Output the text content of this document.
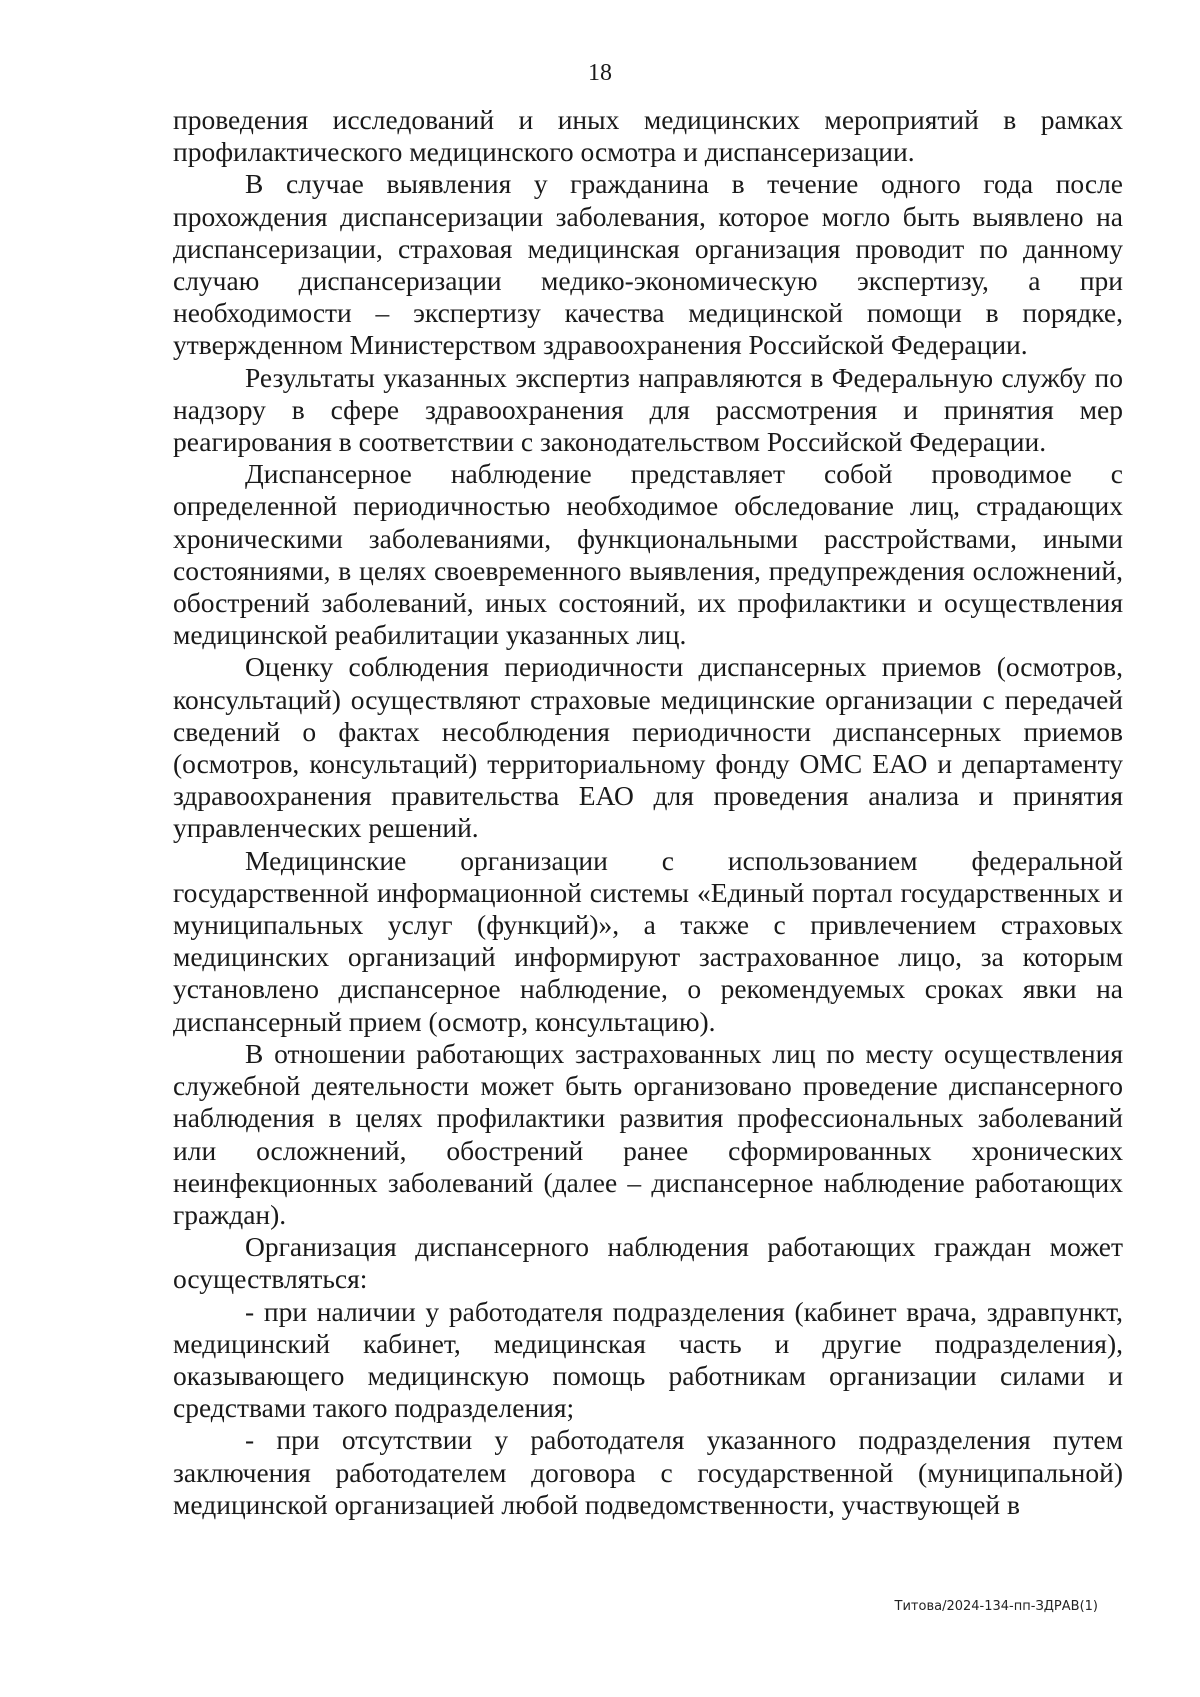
18

проведения исследований и иных медицинских мероприятий в рамках профилактического медицинского осмотра и диспансеризации.

В случае выявления у гражданина в течение одного года после прохождения диспансеризации заболевания, которое могло быть выявлено на диспансеризации, страховая медицинская организация проводит по данному случаю диспансеризации медико-экономическую экспертизу, а при необходимости – экспертизу качества медицинской помощи в порядке, утвержденном Министерством здравоохранения Российской Федерации.

Результаты указанных экспертиз направляются в Федеральную службу по надзору в сфере здравоохранения для рассмотрения и принятия мер реагирования в соответствии с законодательством Российской Федерации.

Диспансерное наблюдение представляет собой проводимое с определенной периодичностью необходимое обследование лиц, страдающих хроническими заболеваниями, функциональными расстройствами, иными состояниями, в целях своевременного выявления, предупреждения осложнений, обострений заболеваний, иных состояний, их профилактики и осуществления медицинской реабилитации указанных лиц.

Оценку соблюдения периодичности диспансерных приемов (осмотров, консультаций) осуществляют страховые медицинские организации с передачей сведений о фактах несоблюдения периодичности диспансерных приемов (осмотров, консультаций) территориальному фонду ОМС ЕАО и департаменту здравоохранения правительства ЕАО для проведения анализа и принятия управленческих решений.

Медицинские организации с использованием федеральной государственной информационной системы «Единый портал государственных и муниципальных услуг (функций)», а также с привлечением страховых медицинских организаций информируют застрахованное лицо, за которым установлено диспансерное наблюдение, о рекомендуемых сроках явки на диспансерный прием (осмотр, консультацию).

В отношении работающих застрахованных лиц по месту осуществления служебной деятельности может быть организовано проведение диспансерного наблюдения в целях профилактики развития профессиональных заболеваний или осложнений, обострений ранее сформированных хронических неинфекционных заболеваний (далее – диспансерное наблюдение работающих граждан).

Организация диспансерного наблюдения работающих граждан может осуществляться:

- при наличии у работодателя подразделения (кабинет врача, здравпункт, медицинский кабинет, медицинская часть и другие подразделения), оказывающего медицинскую помощь работникам организации силами и средствами такого подразделения;

- при отсутствии у работодателя указанного подразделения путем заключения работодателем договора с государственной (муниципальной) медицинской организацией любой подведомственности, участвующей в

Титова/2024-134-пп-ЗДРАВ(1)
